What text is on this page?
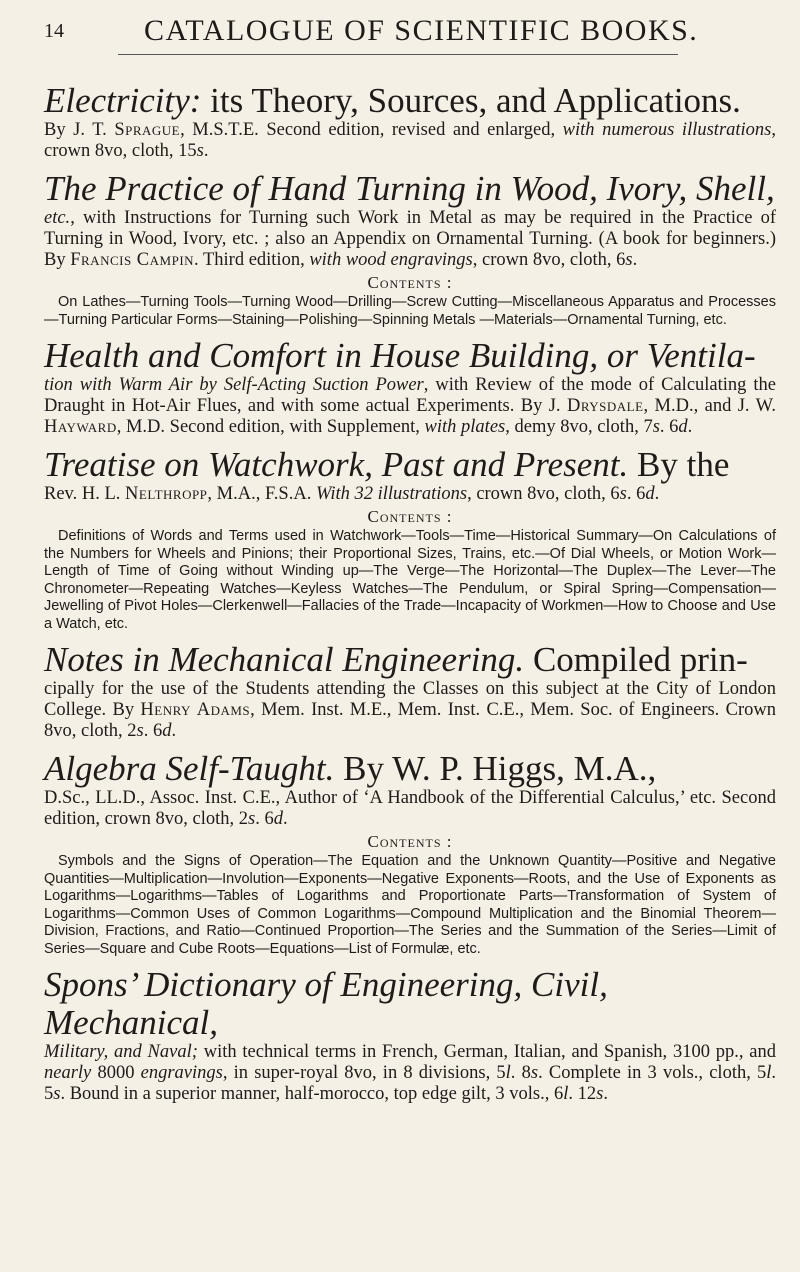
14	CATALOGUE OF SCIENTIFIC BOOKS.

Electricity: its Theory, Sources, and Applications.

By J. T. Sprague, M.S.T.E. Second edition, revised and enlarged, with numerous illustrations, crown 8vo, cloth, 15s.

The Practice of Hand Turning in Wood, Ivory, Shell,

etc., with Instructions for Turning such Work in Metal as may be required in the Practice of Turning in Wood, Ivory, etc. ; also an Appendix on Ornamental Turning. (A book for beginners.) By Francis Campin. Third edition, with wood engravings, crown 8vo, cloth, 6s.

Contents :

On Lathes—Turning Tools—Turning Wood—Drilling—Screw Cutting—Miscellaneous Apparatus and Processes—Turning Particular Forms—Staining—Polishing—Spinning Metals —Materials—Ornamental Turning, etc.

Health and Comfort in House Building, or Ventila-

tion with Warm Air by Self-Acting Suction Power, with Review of the mode of Calculating the Draught in Hot-Air Flues, and with some actual Experiments. By J. Drysdale, M.D., and J. W. Hayward, M.D. Second edition, with Supplement, with plates, demy 8vo, cloth, 7s. 6d.

Treatise on Watchwork, Past and Present. By the

Rev. H. L. Nelthropp, M.A., F.S.A. With 32 illustrations, crown 8vo, cloth, 6s. 6d.

Contents :

Definitions of Words and Terms used in Watchwork—Tools—Time—Historical Summary—On Calculations of the Numbers for Wheels and Pinions; their Proportional Sizes, Trains, etc.—Of Dial Wheels, or Motion Work—Length of Time of Going without Winding up—The Verge—The Horizontal—The Duplex—The Lever—The Chronometer—Repeating Watches—Keyless Watches—The Pendulum, or Spiral Spring—Compensation—Jewelling of Pivot Holes—Clerkenwell—Fallacies of the Trade—Incapacity of Workmen—How to Choose and Use a Watch, etc.

Notes in Mechanical Engineering. Compiled prin-

cipally for the use of the Students attending the Classes on this subject at the City of London College. By Henry Adams, Mem. Inst. M.E., Mem. Inst. C.E., Mem. Soc. of Engineers. Crown 8vo, cloth, 2s. 6d.

Algebra Self-Taught. By W. P. Higgs, M.A.,

D.Sc., LL.D., Assoc. Inst. C.E., Author of ‘A Handbook of the Differential Calculus,’ etc. Second edition, crown 8vo, cloth, 2s. 6d.

Contents :

Symbols and the Signs of Operation—The Equation and the Unknown Quantity—Positive and Negative Quantities—Multiplication—Involution—Exponents—Negative Exponents—Roots, and the Use of Exponents as Logarithms—Logarithms—Tables of Logarithms and Proportionate Parts—Transformation of System of Logarithms—Common Uses of Common Logarithms—Compound Multiplication and the Binomial Theorem—Division, Fractions, and Ratio—Continued Proportion—The Series and the Summation of the Series—Limit of Series—Square and Cube Roots—Equations—List of Formulæ, etc.

Spons’ Dictionary of Engineering, Civil, Mechanical,

Military, and Naval; with technical terms in French, German, Italian, and Spanish, 3100 pp., and nearly 8000 engravings, in super-royal 8vo, in 8 divisions, 5l. 8s. Complete in 3 vols., cloth, 5l. 5s. Bound in a superior manner, half-morocco, top edge gilt, 3 vols., 6l. 12s.
